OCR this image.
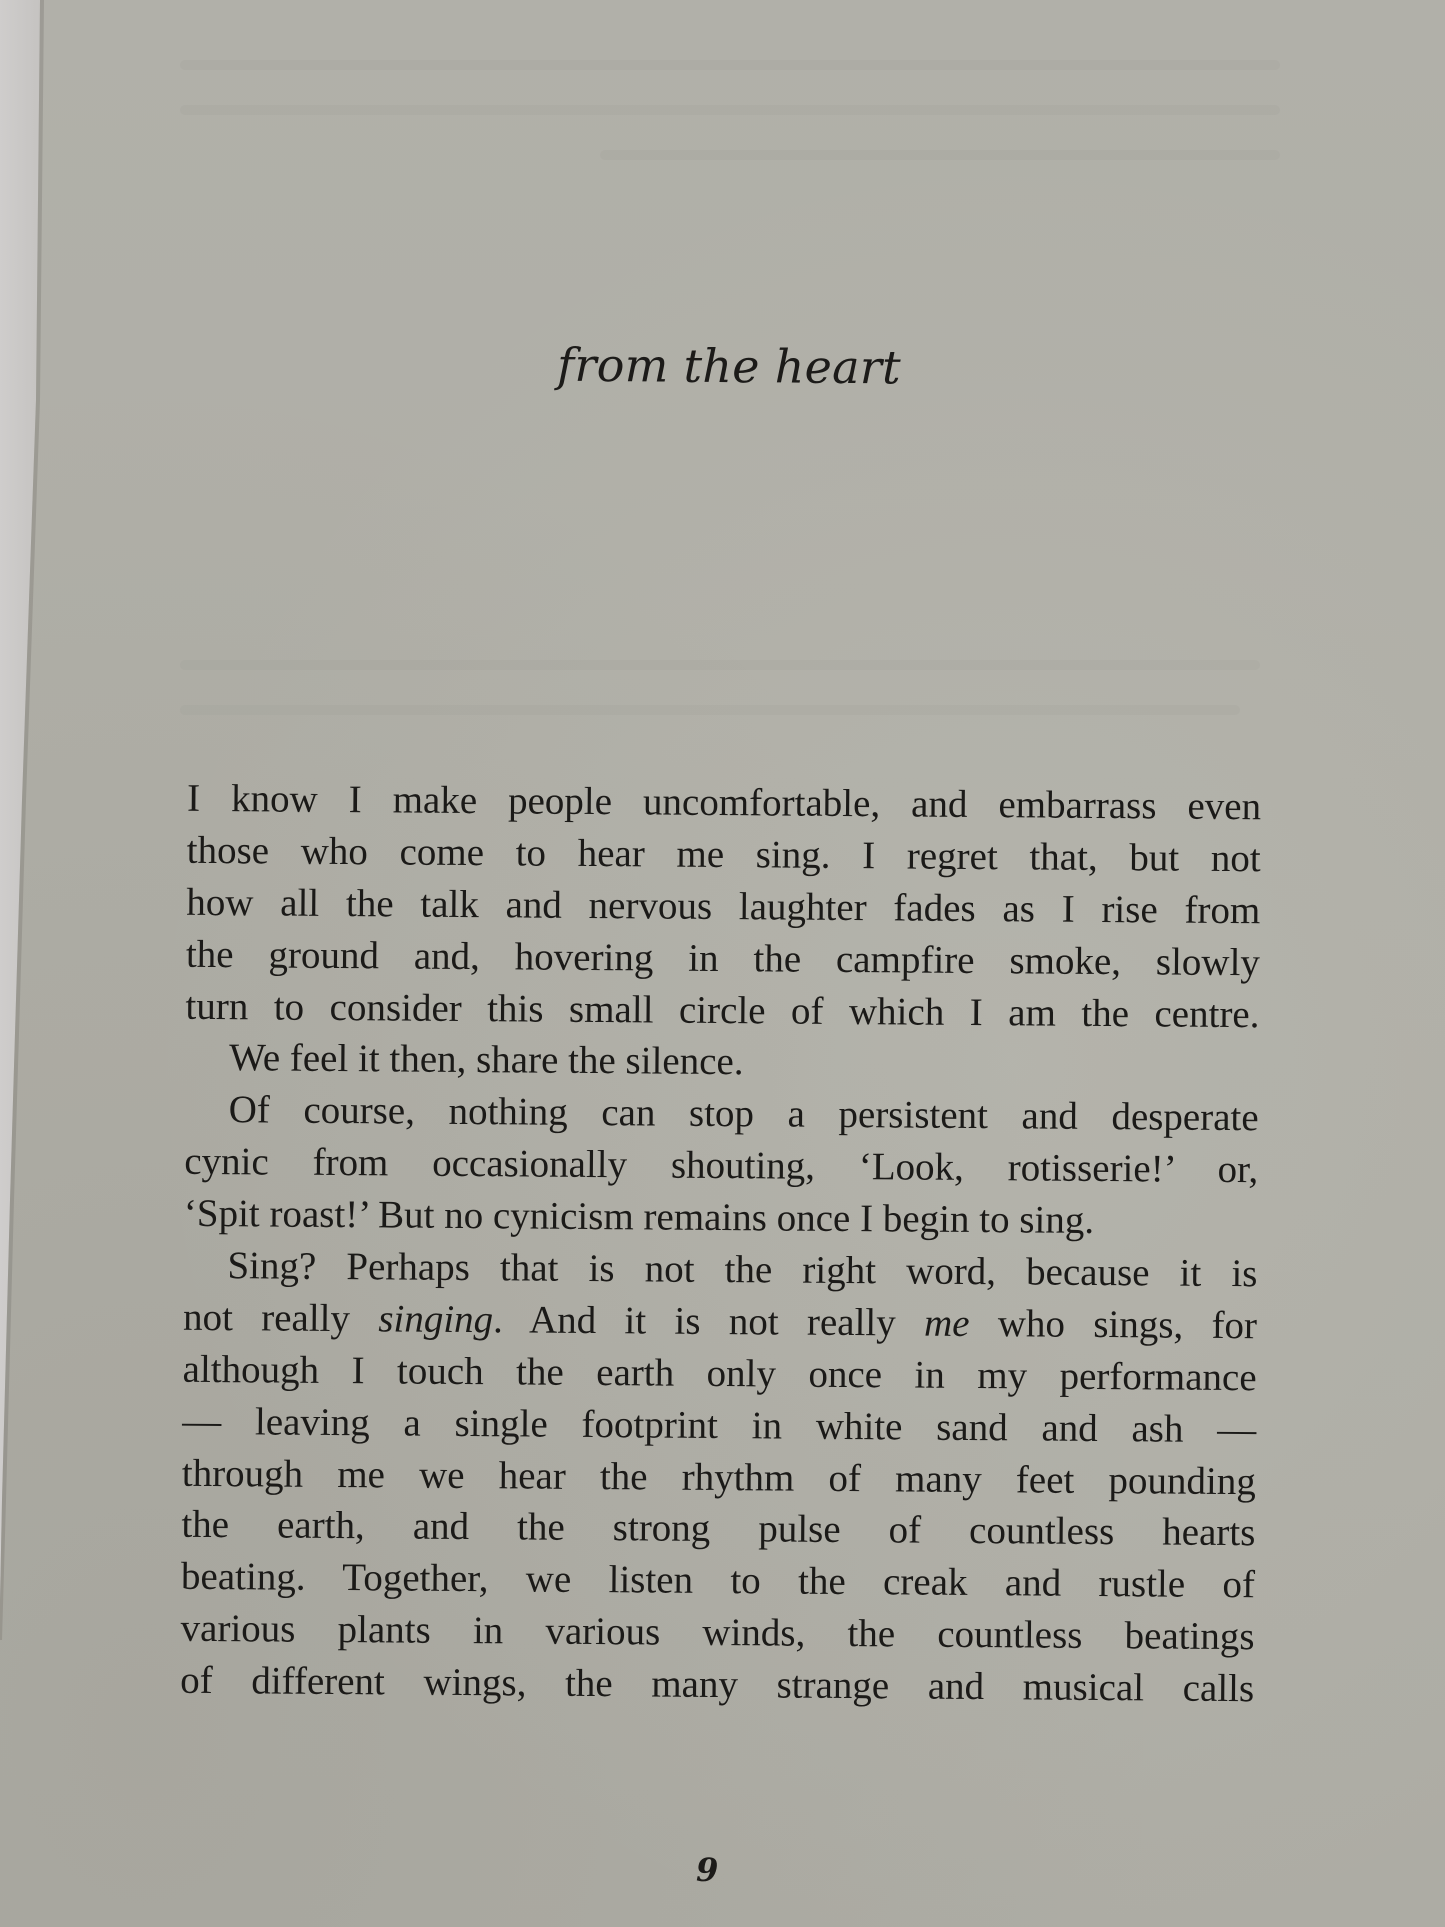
from the heart
I know I make people uncomfortable, and embarrass even
those who come to hear me sing. I regret that, but not
how all the talk and nervous laughter fades as I rise from
the ground and, hovering in the campfire smoke, slowly
turn to consider this small circle of which I am the centre.
We feel it then, share the silence.
Of course, nothing can stop a persistent and desperate
cynic from occasionally shouting, ‘Look, rotisserie!’ or,
‘Spit roast!’ But no cynicism remains once I begin to sing.
Sing? Perhaps that is not the right word, because it is
not really singing. And it is not really me who sings, for
although I touch the earth only once in my performance
— leaving a single footprint in white sand and ash —
through me we hear the rhythm of many feet pounding
the earth, and the strong pulse of countless hearts
beating. Together, we listen to the creak and rustle of
various plants in various winds, the countless beatings
of different wings, the many strange and musical calls
9
